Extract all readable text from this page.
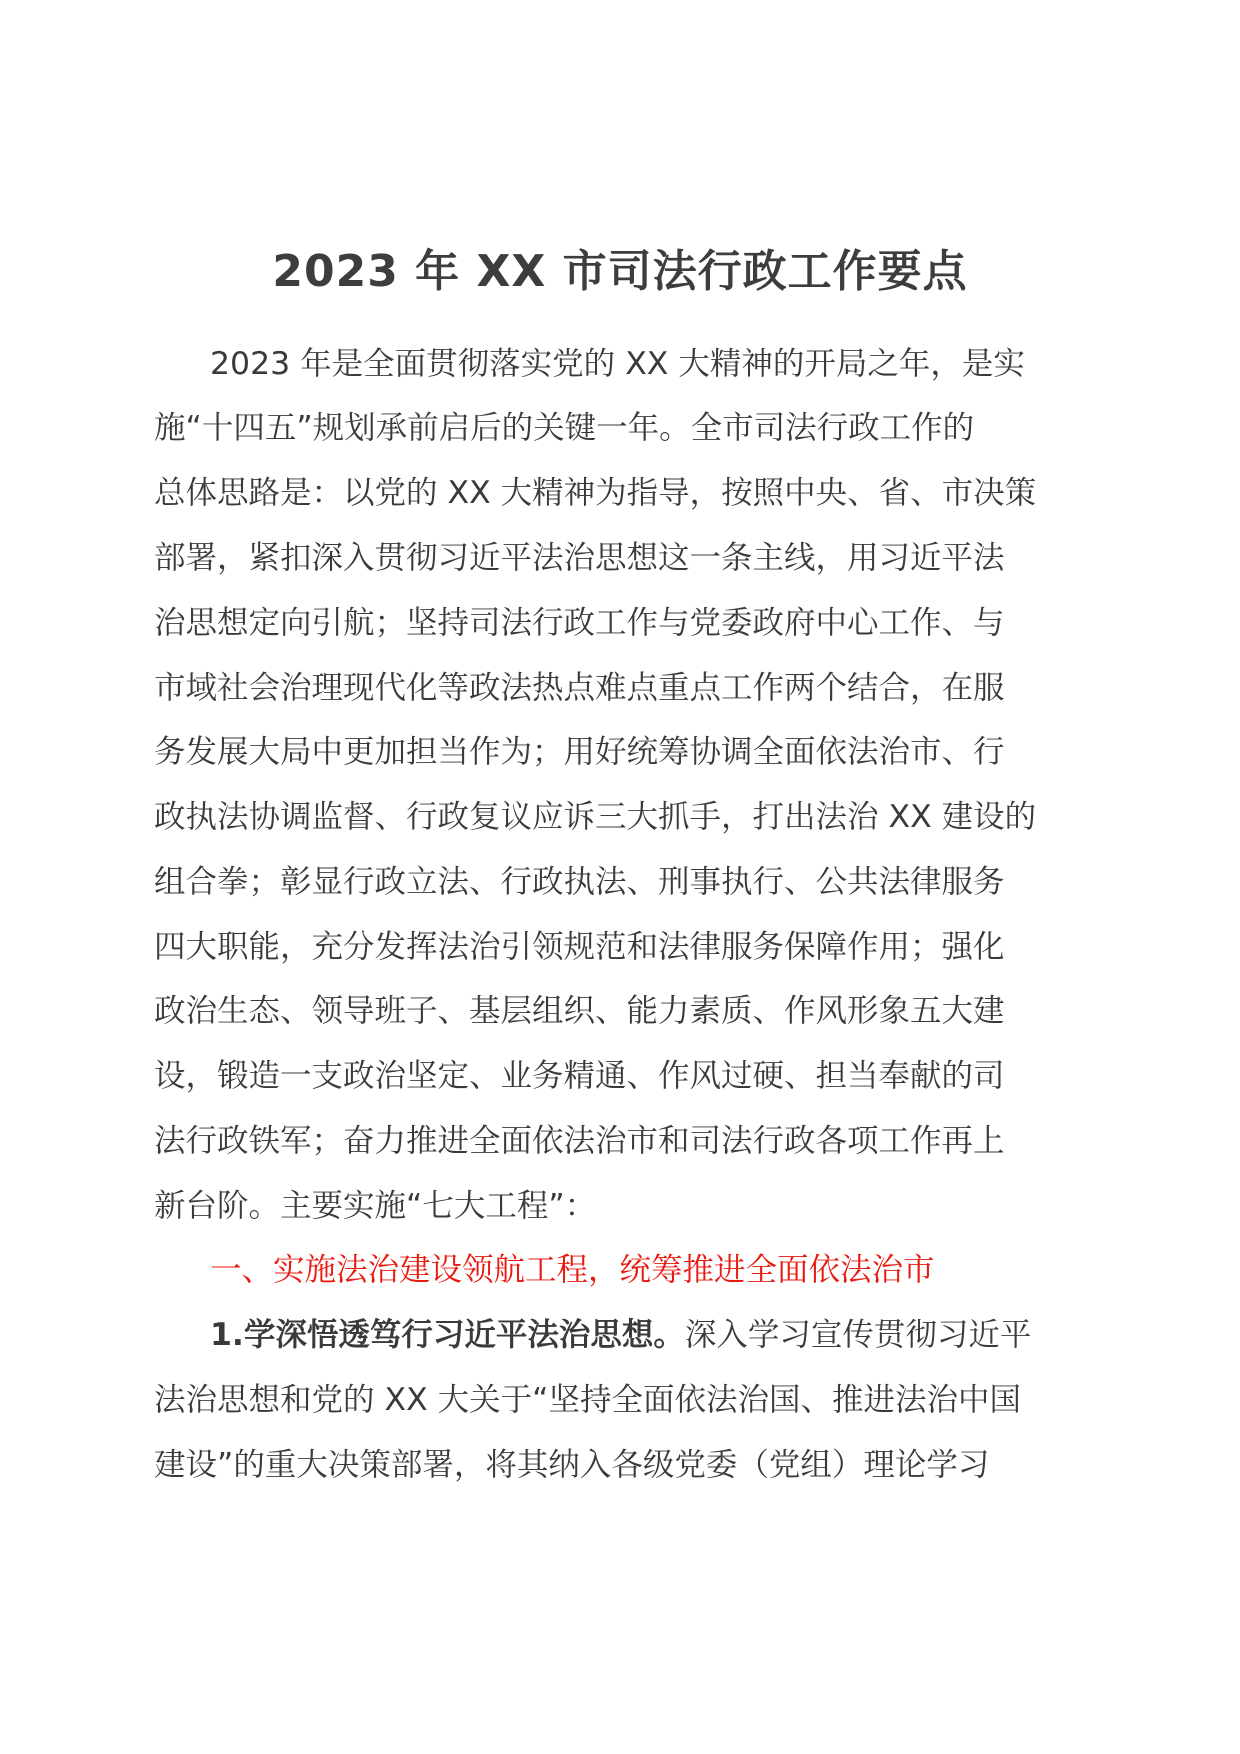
2023 年 XX 市司法行政工作要点
2023 年是全面贯彻落实党的 XX 大精神的开局之年，是实
施“十四五”规划承前启后的关键一年。全市司法行政工作的
总体思路是：以党的 XX 大精神为指导，按照中央、省、市决策
部署，紧扣深入贯彻习近平法治思想这一条主线，用习近平法
治思想定向引航；坚持司法行政工作与党委政府中心工作、与
市域社会治理现代化等政法热点难点重点工作两个结合，在服
务发展大局中更加担当作为；用好统筹协调全面依法治市、行
政执法协调监督、行政复议应诉三大抓手，打出法治 XX 建设的
组合拳；彰显行政立法、行政执法、刑事执行、公共法律服务
四大职能，充分发挥法治引领规范和法律服务保障作用；强化
政治生态、领导班子、基层组织、能力素质、作风形象五大建
设，锻造一支政治坚定、业务精通、作风过硬、担当奉献的司
法行政铁军；奋力推进全面依法治市和司法行政各项工作再上
新台阶。主要实施“七大工程”：
一、实施法治建设领航工程，统筹推进全面依法治市
1.学深悟透笃行习近平法治思想。深入学习宣传贯彻习近平
法治思想和党的 XX 大关于“坚持全面依法治国、推进法治中国
建设”的重大决策部署，将其纳入各级党委（党组）理论学习
